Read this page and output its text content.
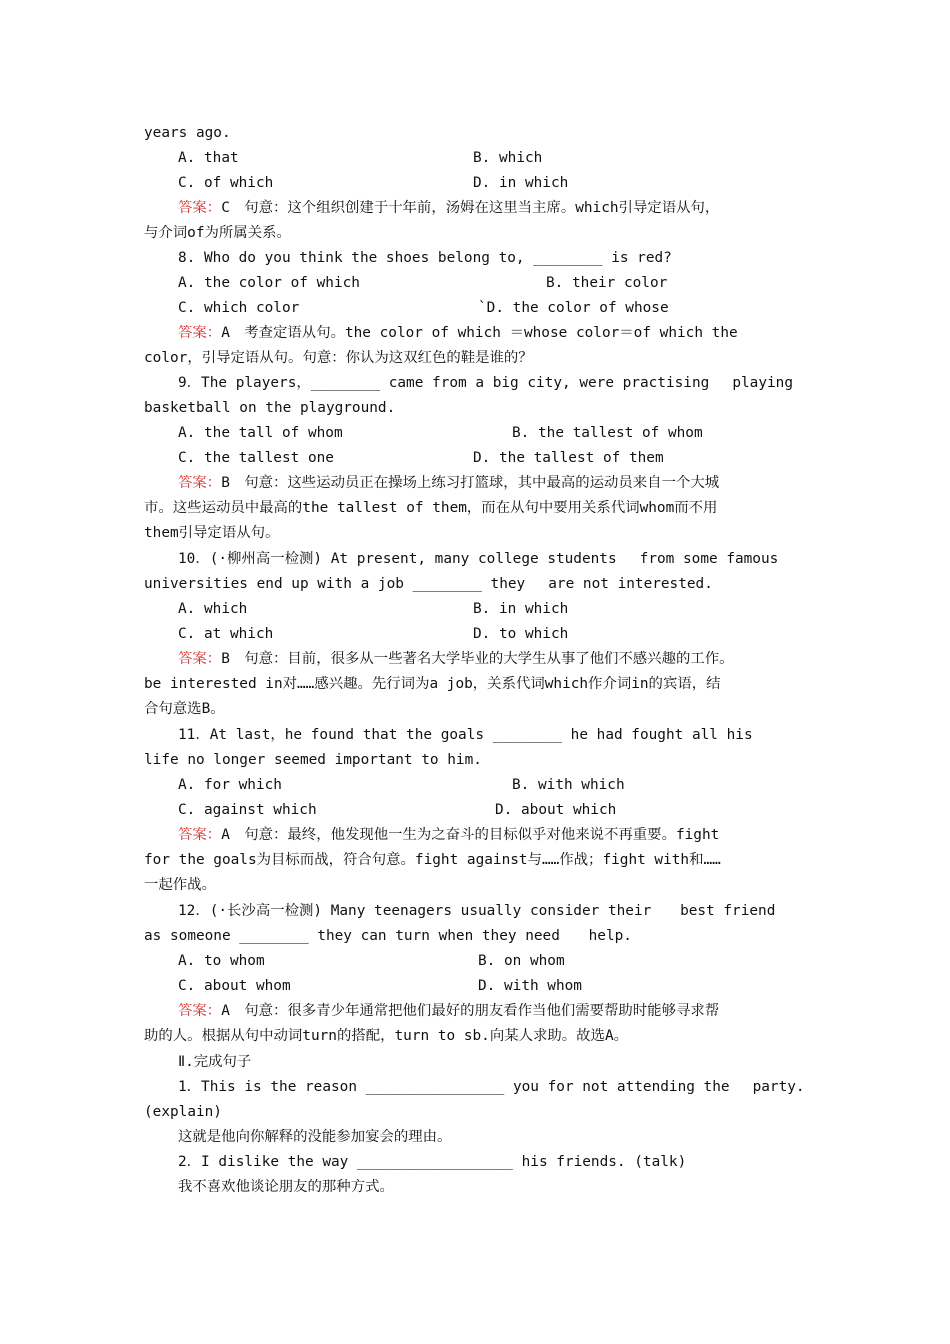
years ago.
A. that	B. which
C. of which	D. in which
答案：C　句意：这个组织创建于十年前，汤姆在这里当主席。which引导定语从句，
与介词of为所属关系。
8. Who do you think the shoes belong to, ________ is red?
A. the color of which	B. their color
C. which color	`D. the color of whose
答案：A　考查定语从句。the color of which ＝whose color＝of which the
color，引导定语从句。句意：你认为这双红色的鞋是谁的？
9．The players，________ came from a big city, were practising　 playing
basketball on the playground.
A. the tall of whom	B. the tallest of whom
C. the tallest one	D. the tallest of them
答案：B　句意：这些运动员正在操场上练习打篮球，其中最高的运动员来自一个大城
市。这些运动员中最高的the tallest of them，而在从句中要用关系代词whom而不用
them引导定语从句。
10．(·柳州高一检测) At present, many college students　 from some famous
universities end up with a job ________ they　 are not interested.
A. which	B. in which
C. at which	D. to which
答案：B　句意：目前，很多从一些著名大学毕业的大学生从事了他们不感兴趣的工作。
be interested in对……感兴趣。先行词为a job，关系代词which作介词in的宾语，结
合句意选B。
11．At last，he found that the goals ________ he had fought all his
life no longer seemed important to him.
A. for which	B. with which
C. against which	D. about which
答案：A　句意：最终，他发现他一生为之奋斗的目标似乎对他来说不再重要。fight
for the goals为目标而战，符合句意。fight against与……作战；fight with和……
一起作战。
12．(·长沙高一检测) Many teenagers usually consider their　　best friend
as someone ________ they can turn when they need　　help.
A. to whom	B. on whom
C. about whom	D. with whom
答案：A　句意：很多青少年通常把他们最好的朋友看作当他们需要帮助时能够寻求帮
助的人。根据从句中动词turn的搭配，turn to sb.向某人求助。故选A。
Ⅱ.完成句子
1．This is the reason ________________ you for not attending the　 party.
(explain)
这就是他向你解释的没能参加宴会的理由。
2．I dislike the way __________________ his friends. (talk)
我不喜欢他谈论朋友的那种方式。
